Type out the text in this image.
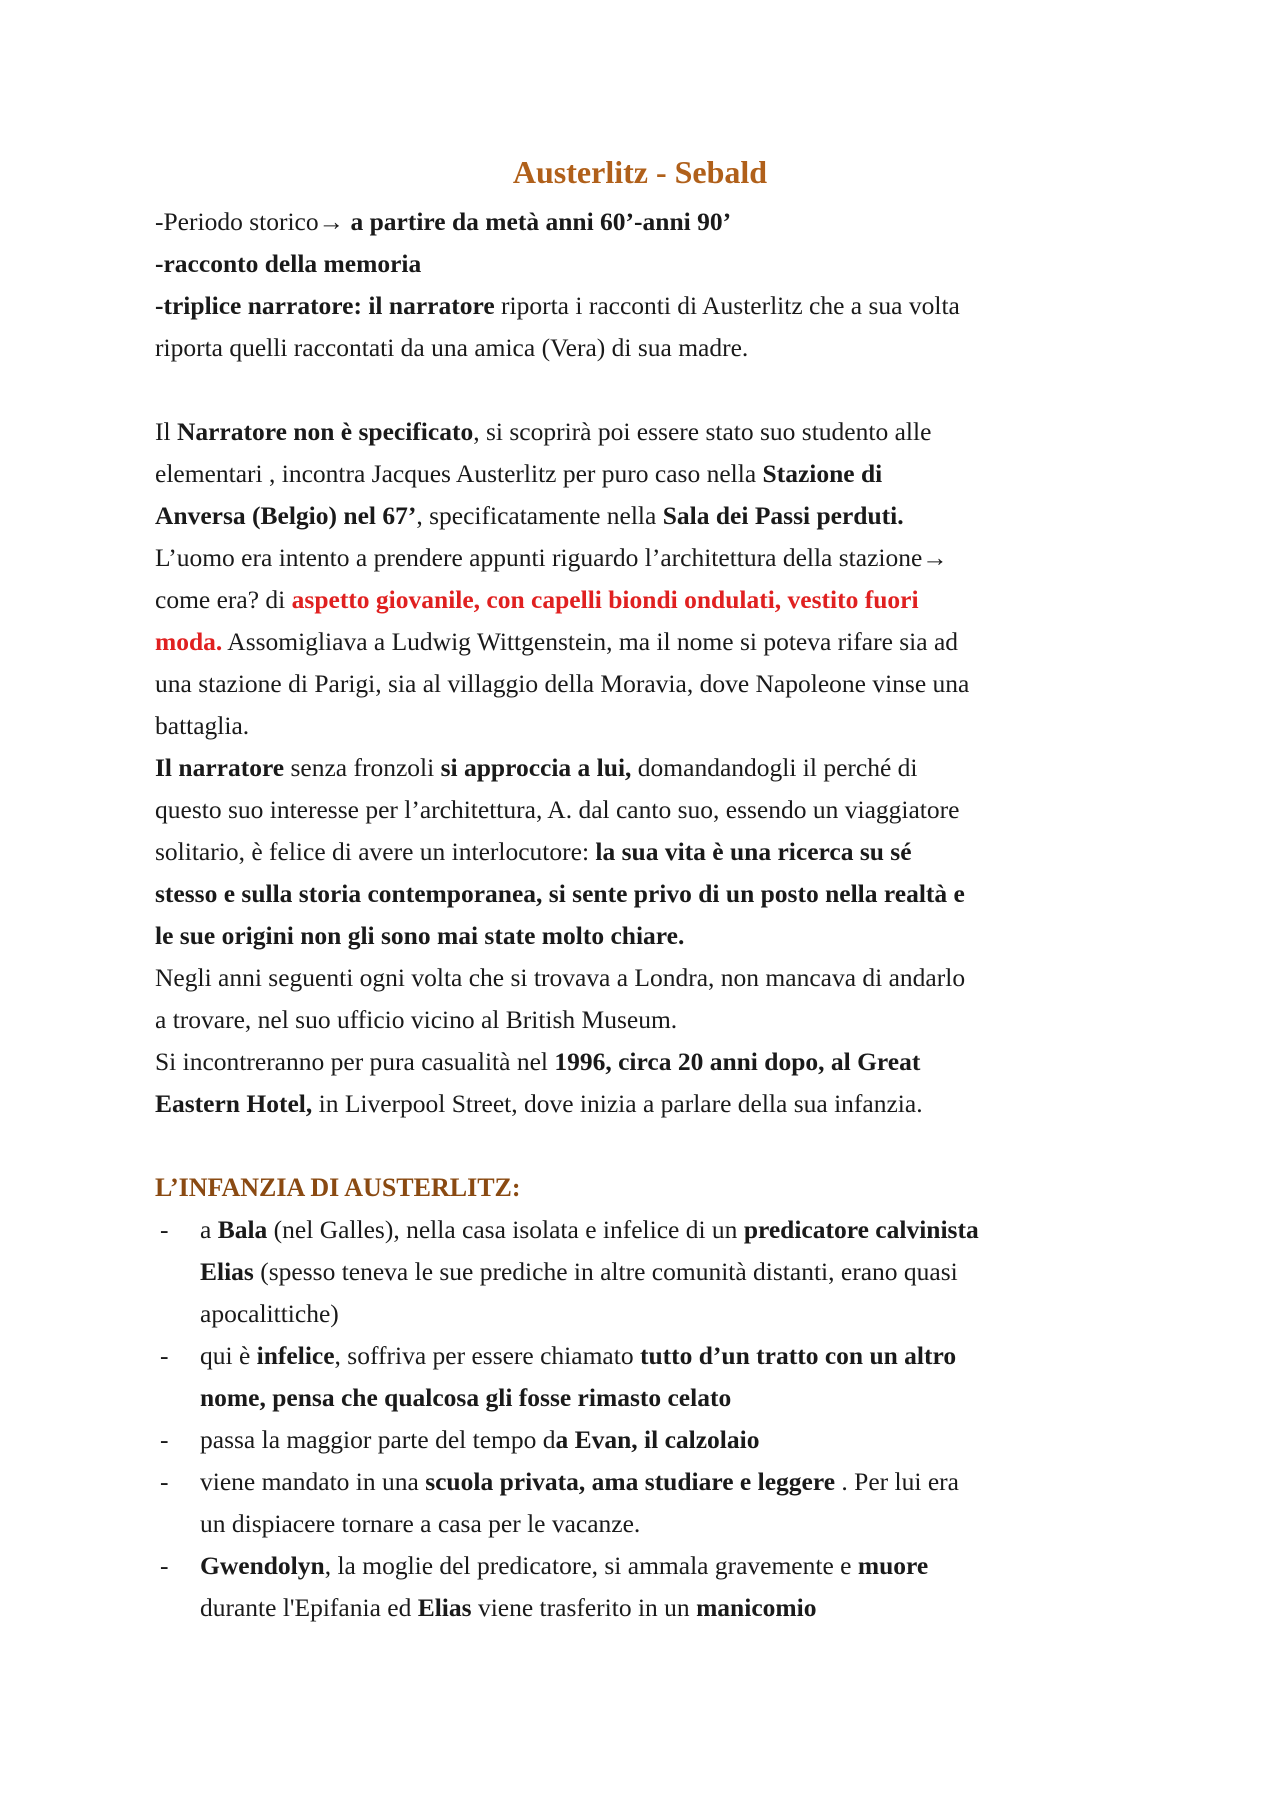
Austerlitz - Sebald
-Periodo storico→ a partire da metà anni 60’-anni 90’
-racconto della memoria
-triplice narratore: il narratore riporta i racconti di Austerlitz che a sua volta
riporta quelli raccontati da una amica (Vera) di sua madre.
Il Narratore non è specificato, si scoprirà poi essere stato suo studento alle
elementari , incontra Jacques Austerlitz per puro caso nella Stazione di
Anversa (Belgio) nel 67’, specificatamente nella Sala dei Passi perduti.
L’uomo era intento a prendere appunti riguardo l’architettura della stazione→
come era? di aspetto giovanile, con capelli biondi ondulati, vestito fuori
moda. Assomigliava a Ludwig Wittgenstein, ma il nome si poteva rifare sia ad
una stazione di Parigi, sia al villaggio della Moravia, dove Napoleone vinse una
battaglia.
Il narratore senza fronzoli si approccia a lui, domandandogli il perché di
questo suo interesse per l’architettura, A. dal canto suo, essendo un viaggiatore
solitario, è felice di avere un interlocutore: la sua vita è una ricerca su sé
stesso e sulla storia contemporanea, si sente privo di un posto nella realtà e
le sue origini non gli sono mai state molto chiare.
Negli anni seguenti ogni volta che si trovava a Londra, non mancava di andarlo
a trovare, nel suo ufficio vicino al British Museum.
Si incontreranno per pura casualità nel 1996, circa 20 anni dopo, al Great
Eastern Hotel, in Liverpool Street, dove inizia a parlare della sua infanzia.
L’INFANZIA DI AUSTERLITZ:
- a Bala (nel Galles), nella casa isolata e infelice di un predicatore calvinista
Elias (spesso teneva le sue prediche in altre comunità distanti, erano quasi
apocalittiche)
- qui è infelice, soffriva per essere chiamato tutto d’un tratto con un altro
nome, pensa che qualcosa gli fosse rimasto celato
- passa la maggior parte del tempo da Evan, il calzolaio
- viene mandato in una scuola privata, ama studiare e leggere . Per lui era
un dispiacere tornare a casa per le vacanze.
- Gwendolyn, la moglie del predicatore, si ammala gravemente e muore
durante l'Epifania ed Elias viene trasferito in un manicomio
